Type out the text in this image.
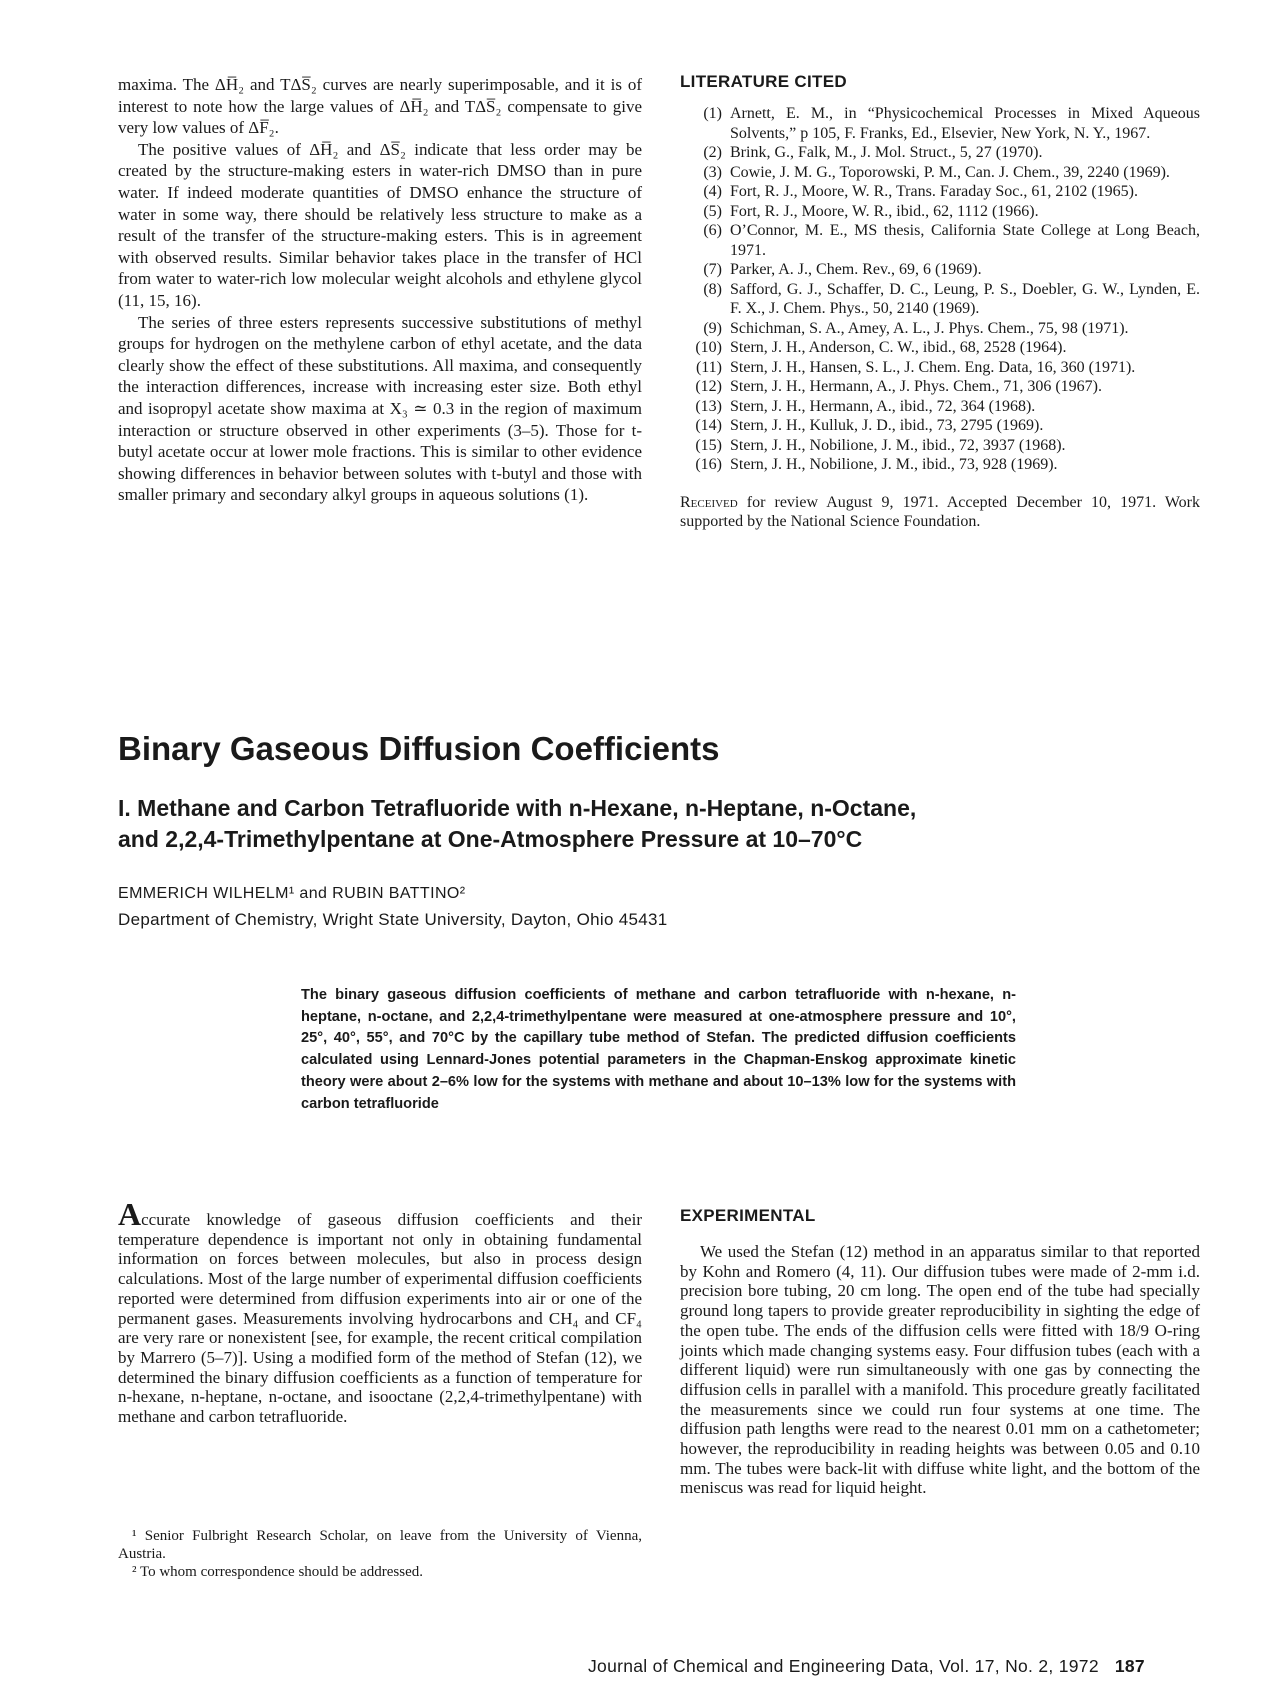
maxima. The ΔH̅₂ and TΔS̅₂ curves are nearly superimposable, and it is of interest to note how the large values of ΔH̅₂ and TΔS̅₂ compensate to give very low values of ΔF̅₂.

The positive values of ΔH̅₂ and ΔS̅₂ indicate that less order may be created by the structure-making esters in water-rich DMSO than in pure water. If indeed moderate quantities of DMSO enhance the structure of water in some way, there should be relatively less structure to make as a result of the transfer of the structure-making esters. This is in agreement with observed results. Similar behavior takes place in the transfer of HCl from water to water-rich low molecular weight alcohols and ethylene glycol (11, 15, 16).

The series of three esters represents successive substitutions of methyl groups for hydrogen on the methylene carbon of ethyl acetate, and the data clearly show the effect of these substitutions. All maxima, and consequently the interaction differences, increase with increasing ester size. Both ethyl and isopropyl acetate show maxima at X₃ ≃ 0.3 in the region of maximum interaction or structure observed in other experiments (3–5). Those for t-butyl acetate occur at lower mole fractions. This is similar to other evidence showing differences in behavior between solutes with t-butyl and those with smaller primary and secondary alkyl groups in aqueous solutions (1).

LITERATURE CITED
(1) Arnett, E. M., in “Physicochemical Processes in Mixed Aqueous Solvents,” p 105, F. Franks, Ed., Elsevier, New York, N. Y., 1967.
(2) Brink, G., Falk, M., J. Mol. Struct., 5, 27 (1970).
(3) Cowie, J. M. G., Toporowski, P. M., Can. J. Chem., 39, 2240 (1969).
(4) Fort, R. J., Moore, W. R., Trans. Faraday Soc., 61, 2102 (1965).
(5) Fort, R. J., Moore, W. R., ibid., 62, 1112 (1966).
(6) O’Connor, M. E., MS thesis, California State College at Long Beach, 1971.
(7) Parker, A. J., Chem. Rev., 69, 6 (1969).
(8) Safford, G. J., Schaffer, D. C., Leung, P. S., Doebler, G. W., Lynden, E. F. X., J. Chem. Phys., 50, 2140 (1969).
(9) Schichman, S. A., Amey, A. L., J. Phys. Chem., 75, 98 (1971).
(10) Stern, J. H., Anderson, C. W., ibid., 68, 2528 (1964).
(11) Stern, J. H., Hansen, S. L., J. Chem. Eng. Data, 16, 360 (1971).
(12) Stern, J. H., Hermann, A., J. Phys. Chem., 71, 306 (1967).
(13) Stern, J. H., Hermann, A., ibid., 72, 364 (1968).
(14) Stern, J. H., Kulluk, J. D., ibid., 73, 2795 (1969).
(15) Stern, J. H., Nobilione, J. M., ibid., 72, 3937 (1968).
(16) Stern, J. H., Nobilione, J. M., ibid., 73, 928 (1969).
Received for review August 9, 1971. Accepted December 10, 1971. Work supported by the National Science Foundation.
Binary Gaseous Diffusion Coefficients
I. Methane and Carbon Tetrafluoride with n-Hexane, n-Heptane, n-Octane,
and 2,2,4-Trimethylpentane at One-Atmosphere Pressure at 10–70°C
EMMERICH WILHELM¹ and RUBIN BATTINO²
Department of Chemistry, Wright State University, Dayton, Ohio 45431

The binary gaseous diffusion coefficients of methane and carbon tetrafluoride with n-hexane, n-heptane, n-octane, and 2,2,4-trimethylpentane were measured at one-atmosphere pressure and 10°, 25°, 40°, 55°, and 70°C by the capillary tube method of Stefan. The predicted diffusion coefficients calculated using Lennard-Jones potential parameters in the Chapman-Enskog approximate kinetic theory were about 2–6% low for the systems with methane and about 10–13% low for the systems with carbon tetrafluoride

Accurate knowledge of gaseous diffusion coefficients and their temperature dependence is important not only in obtaining fundamental information on forces between molecules, but also in process design calculations. Most of the large number of experimental diffusion coefficients reported were determined from diffusion experiments into air or one of the permanent gases. Measurements involving hydrocarbons and CH₄ and CF₄ are very rare or nonexistent [see, for example, the recent critical compilation by Marrero (5–7)]. Using a modified form of the method of Stefan (12), we determined the binary diffusion coefficients as a function of temperature for n-hexane, n-heptane, n-octane, and isooctane (2,2,4-trimethylpentane) with methane and carbon tetrafluoride.

¹ Senior Fulbright Research Scholar, on leave from the University of Vienna, Austria.

² To whom correspondence should be addressed.

EXPERIMENTAL

We used the Stefan (12) method in an apparatus similar to that reported by Kohn and Romero (4, 11). Our diffusion tubes were made of 2-mm i.d. precision bore tubing, 20 cm long. The open end of the tube had specially ground long tapers to provide greater reproducibility in sighting the edge of the open tube. The ends of the diffusion cells were fitted with 18/9 O-ring joints which made changing systems easy. Four diffusion tubes (each with a different liquid) were run simultaneously with one gas by connecting the diffusion cells in parallel with a manifold. This procedure greatly facilitated the measurements since we could run four systems at one time. The diffusion path lengths were read to the nearest 0.01 mm on a cathetometer; however, the reproducibility in reading heights was between 0.05 and 0.10 mm. The tubes were back-lit with diffuse white light, and the bottom of the meniscus was read for liquid height.

Journal of Chemical and Engineering Data, Vol. 17, No. 2, 1972 187
